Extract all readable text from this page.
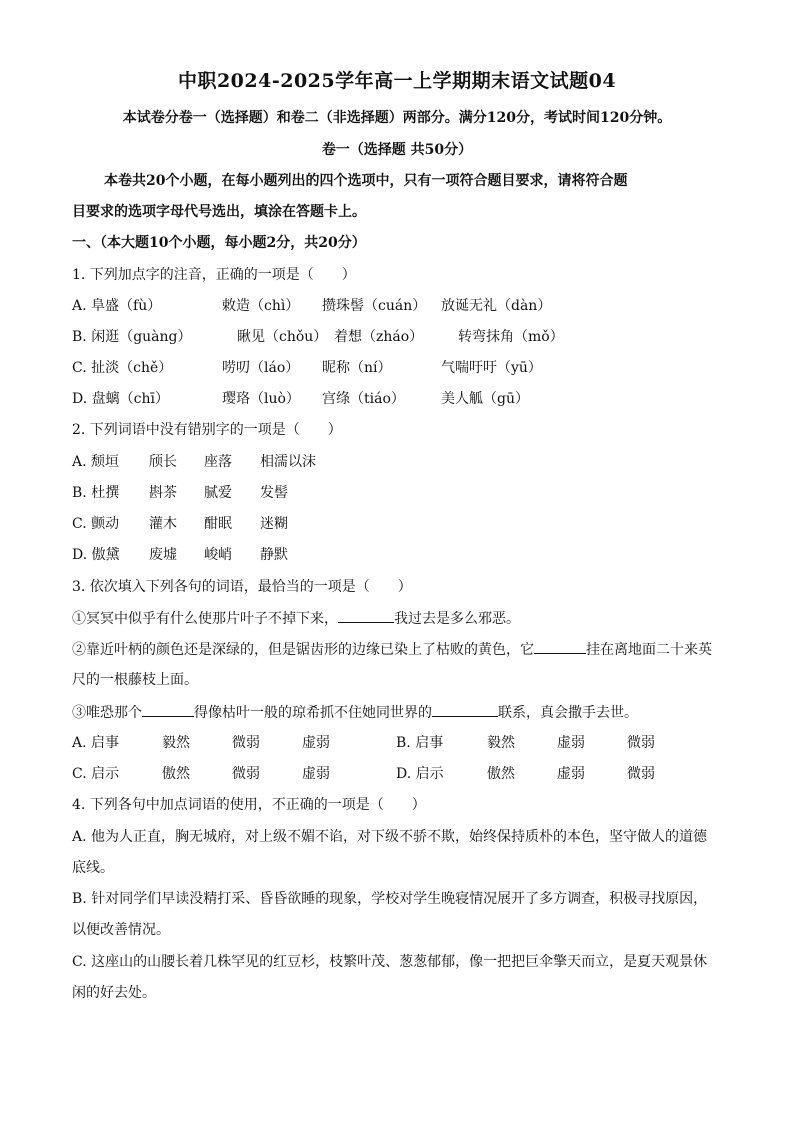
中职2024-2025学年高一上学期期末语文试题04
本试卷分卷一（选择题）和卷二（非选择题）两部分。满分120分，考试时间120分钟。
卷一（选择题 共50分）
本卷共20个小题，在每小题列出的四个选项中，只有一项符合题目要求，请将符合题
目要求的选项字母代号选出，填涂在答题卡上。
一、（本大题10个小题，每小题2分，共20分）
1. 下列加点字的注音，正确的一项是（　　）
A. 阜盛（fù）	敕造（chì） 攒珠髻（cuán） 放诞无礼（dàn）
B. 闲逛（guàng）	瞅见（chǒu） 着想（zháo） 转弯抹角（mǒ）
C. 扯淡（chě）	唠叨（láo） 昵称（ní）	气喘吁吁（yū）
D. 盘螭（chī）	璎珞（luò） 宫绦（tiáo）	美人觚（gū）
2. 下列词语中没有错别字的一项是（　　）
A. 颓垣 颀长 座落 相濡以沫
B. 杜撰 斟茶 腻爱 发髻
C. 颤动 灌木 酣眠 迷糊
D. 傲黛 废墟 峻峭 静默
3. 依次填入下列各句的词语，最恰当的一项是（　　）
①冥冥中似乎有什么使那片叶子不掉下来，	我过去是多么邪恶。
②靠近叶柄的颜色还是深绿的，但是锯齿形的边缘已染上了枯败的黄色，它	挂在离地面二十来英
尺的一根藤枝上面。
③唯恐那个	得像枯叶一般的琼希抓不住她同世界的	联系，真会撒手去世。
A. 启事	毅然	微弱	虚弱	B. 启事	毅然	虚弱	微弱
C. 启示	傲然	微弱	虚弱	D. 启示	傲然	虚弱	微弱
4. 下列各句中加点词语的使用，不正确的一项是（　　）
A. 他为人正直，胸无城府，对上级不媚不谄，对下级不骄不欺，始终保持质朴的本色，坚守做人的道德
底线。
B. 针对同学们早读没精打采、昏昏欲睡的现象，学校对学生晚寝情况展开了多方调查，积极寻找原因，
以便改善情况。
C. 这座山的山腰长着几株罕见的红豆杉，枝繁叶茂、葱葱郁郁，像一把把巨伞擎天而立，是夏天观景休
闲的好去处。
